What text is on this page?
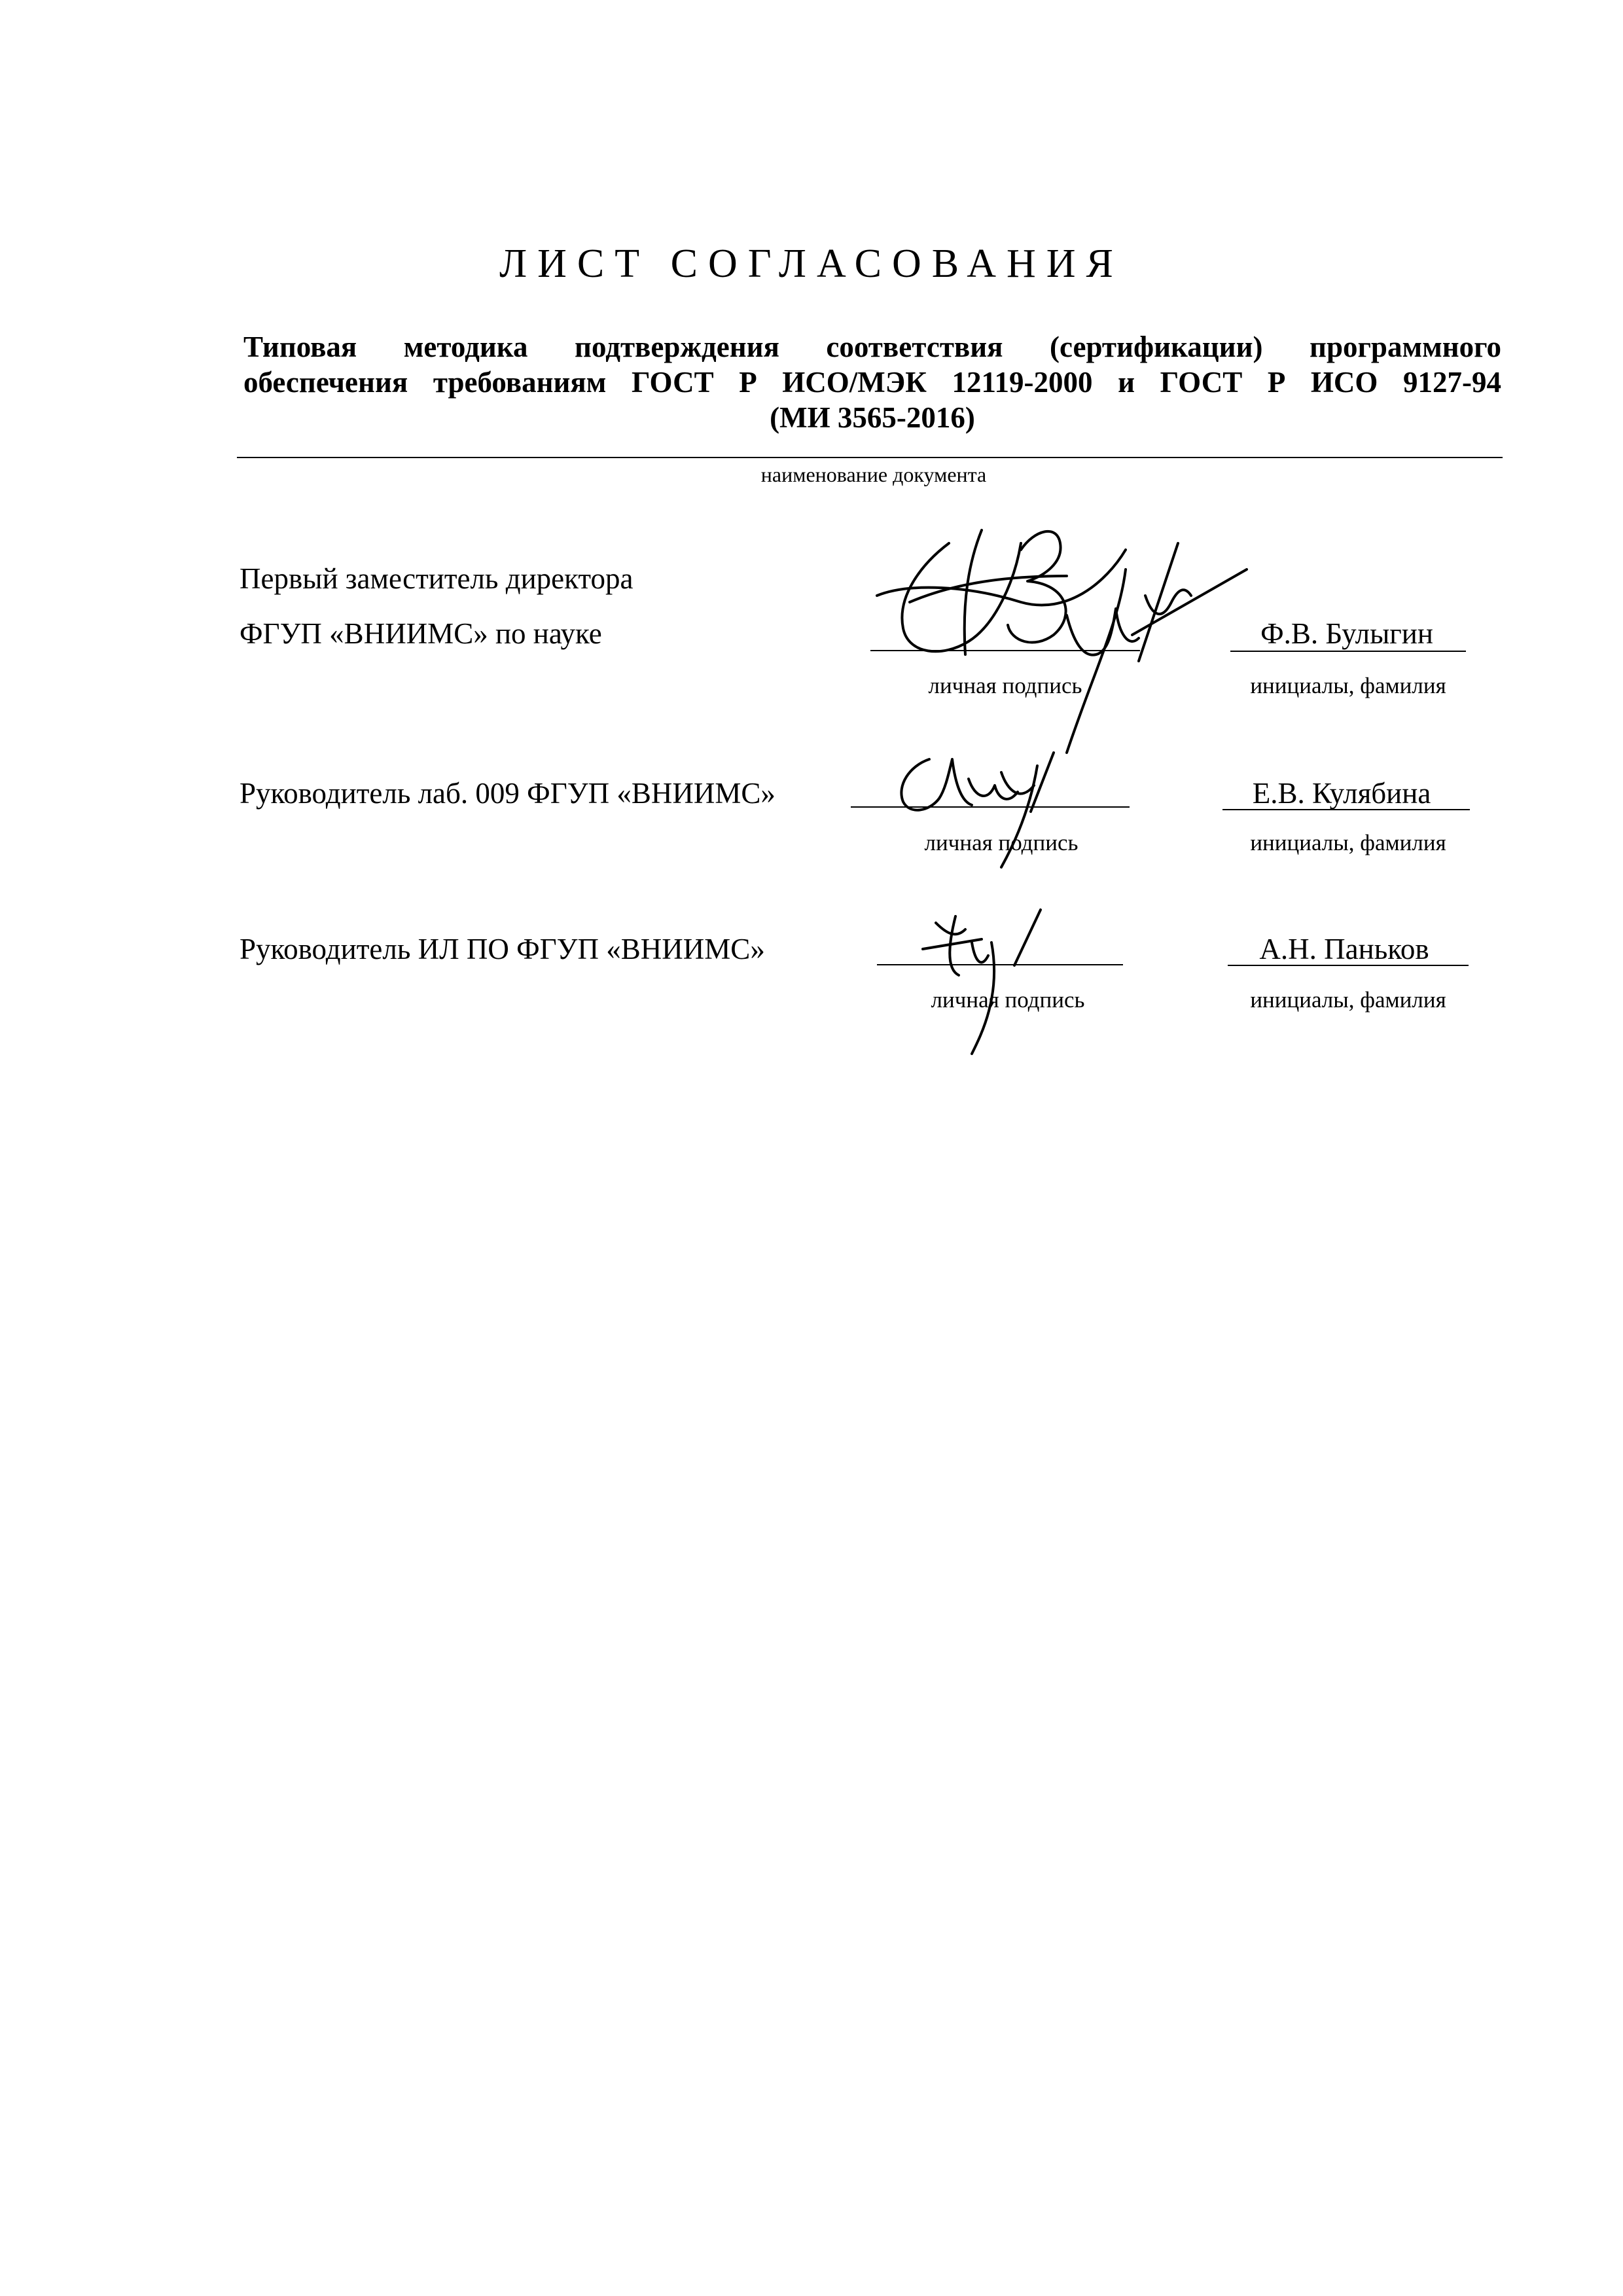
ЛИСТ СОГЛАСОВАНИЯ
Типовая методика подтверждения соответствия (сертификации) программного
обеспечения требованиям ГОСТ Р ИСО/МЭК 12119-2000 и ГОСТ Р ИСО 9127-94
(МИ 3565-2016)
наименование документа
Первый заместитель директора
ФГУП «ВНИИМС» по науке
личная подпись
Ф.В. Булыгин
инициалы, фамилия
Руководитель лаб. 009 ФГУП «ВНИИМС»
личная подпись
Е.В. Кулябина
инициалы, фамилия
Руководитель ИЛ ПО ФГУП «ВНИИМС»
личная подпись
А.Н. Паньков
инициалы, фамилия
